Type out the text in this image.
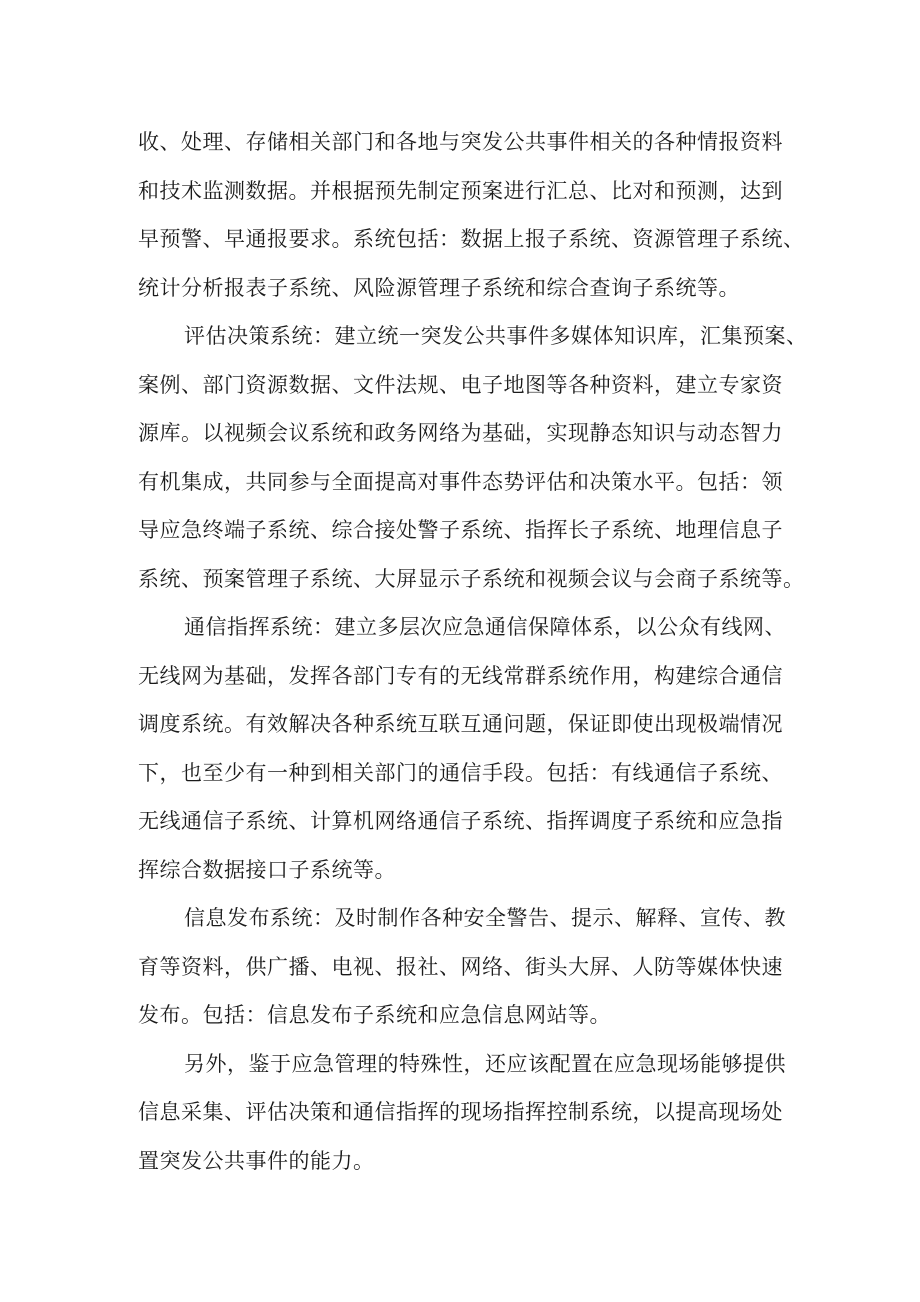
收、处理、存储相关部门和各地与突发公共事件相关的各种情报资料
和技术监测数据。并根据预先制定预案进行汇总、比对和预测，达到
早预警、早通报要求。系统包括：数据上报子系统、资源管理子系统、
统计分析报表子系统、风险源管理子系统和综合查询子系统等。
评估决策系统：建立统一突发公共事件多媒体知识库，汇集预案、
案例、部门资源数据、文件法规、电子地图等各种资料，建立专家资
源库。以视频会议系统和政务网络为基础，实现静态知识与动态智力
有机集成，共同参与全面提高对事件态势评估和决策水平。包括：领
导应急终端子系统、综合接处警子系统、指挥长子系统、地理信息子
系统、预案管理子系统、大屏显示子系统和视频会议与会商子系统等。
通信指挥系统：建立多层次应急通信保障体系，以公众有线网、
无线网为基础，发挥各部门专有的无线常群系统作用，构建综合通信
调度系统。有效解决各种系统互联互通问题，保证即使出现极端情况
下，也至少有一种到相关部门的通信手段。包括：有线通信子系统、
无线通信子系统、计算机网络通信子系统、指挥调度子系统和应急指
挥综合数据接口子系统等。
信息发布系统：及时制作各种安全警告、提示、解释、宣传、教
育等资料，供广播、电视、报社、网络、街头大屏、人防等媒体快速
发布。包括：信息发布子系统和应急信息网站等。
另外，鉴于应急管理的特殊性，还应该配置在应急现场能够提供
信息采集、评估决策和通信指挥的现场指挥控制系统，以提高现场处
置突发公共事件的能力。
